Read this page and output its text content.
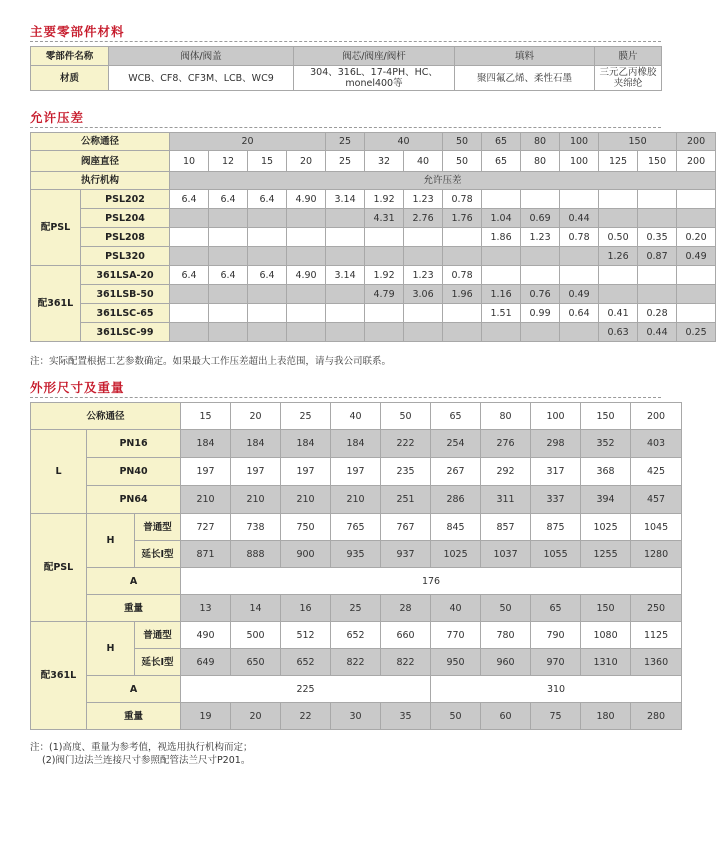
主要零部件材料
零部件名称	阀体/阀盖	阀芯/阀座/阀杆	填料	膜片
材质	WCB、CF8、CF3M、LCB、WC9	304、316L、17-4PH、HC、monel400等	聚四氟乙烯、柔性石墨	三元乙丙橡胶夹绵纶
允许压差
公称通径		20				25	40		50	65	80	100	150		200
阀座直径		10	12	15	20	25	32	40	50	65	80	100	125	150	200
执行机构		允许压差													
配PSL	PSL202	6.4	6.4	6.4	4.90	3.14	1.92	1.23	0.78						
	PSL204						4.31	2.76	1.76	1.04	0.69	0.44			
	PSL208									1.86	1.23	0.78	0.50	0.35	0.20
	PSL320												1.26	0.87	0.49
配361L	361LSA-20	6.4	6.4	6.4	4.90	3.14	1.92	1.23	0.78						
	361LSB-50						4.79	3.06	1.96	1.16	0.76	0.49			
	361LSC-65									1.51	0.99	0.64	0.41	0.28	
	361LSC-99												0.63	0.44	0.25
注：实际配置根据工艺参数确定。如果最大工作压差超出上表范围，请与我公司联系。
外形尺寸及重量
公称通径			15	20	25	40	50	65	80	100	150	200
L	PN16		184	184	184	184	222	254	276	298	352	403
	PN40		197	197	197	197	235	267	292	317	368	425
	PN64		210	210	210	210	251	286	311	337	394	457
配PSL	H	普通型	727	738	750	765	767	845	857	875	1025	1045
		延长I型	871	888	900	935	937	1025	1037	1055	1255	1280
	A		176									
	重量		13	14	16	25	28	40	50	65	150	250
配361L	H	普通型	490	500	512	652	660	770	780	790	1080	1125
		延长I型	649	650	652	822	822	950	960	970	1310	1360
	A		225					310				
	重量		19	20	22	30	35	50	60	75	180	280
注：(1)高度、重量为参考值，视选用执行机构而定；
(2)阀门边法兰连接尺寸参照配管法兰尺寸P201。
